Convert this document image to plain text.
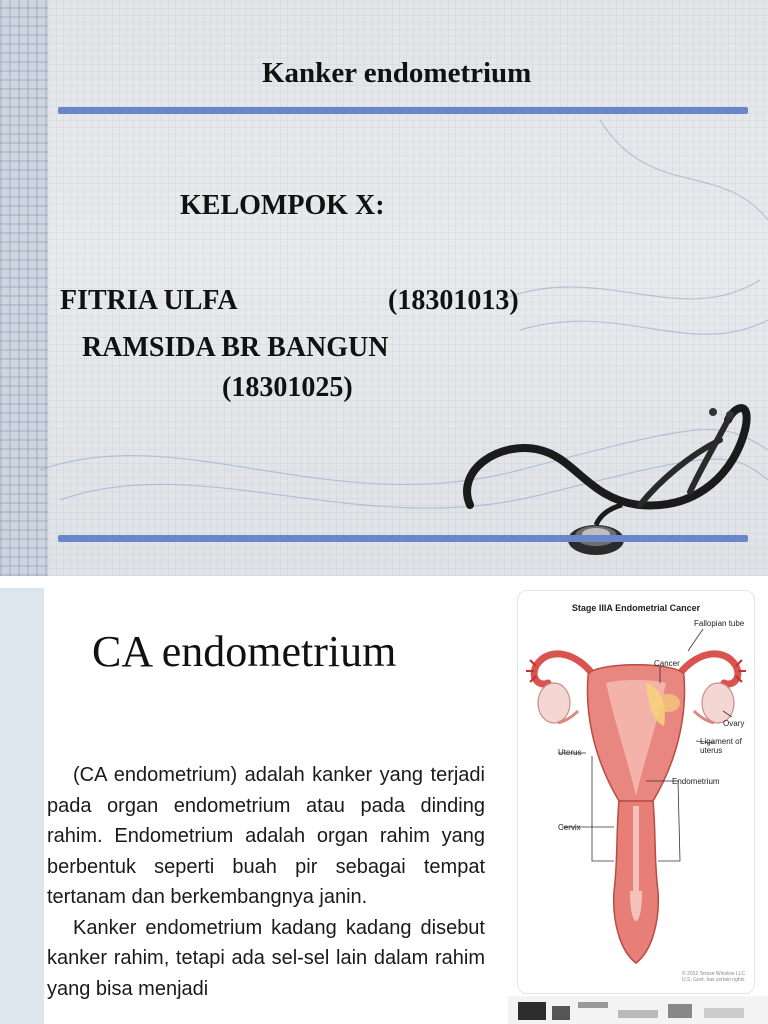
Kanker endometrium
KELOMPOK X:
FITRIA ULFA	(18301013)
RAMSIDA BR BANGUN
(18301025)
CA endometrium

(CA endometrium) adalah kanker yang terjadi pada organ endometrium atau pada dinding rahim. Endometrium adalah organ rahim yang berbentuk seperti buah pir sebagai tempat tertanam dan berkembangnya janin.

Kanker endometrium kadang kadang disebut kanker rahim, tetapi ada sel-sel lain dalam rahim yang bisa menjadi

Stage IIIA Endometrial Cancer
Fallopian tube
Cancer
Ovary
Ligament of uterus
Uterus
Endometrium
Cervix
© 2012 Terese Winslow LLC U.S. Govt. has certain rights
